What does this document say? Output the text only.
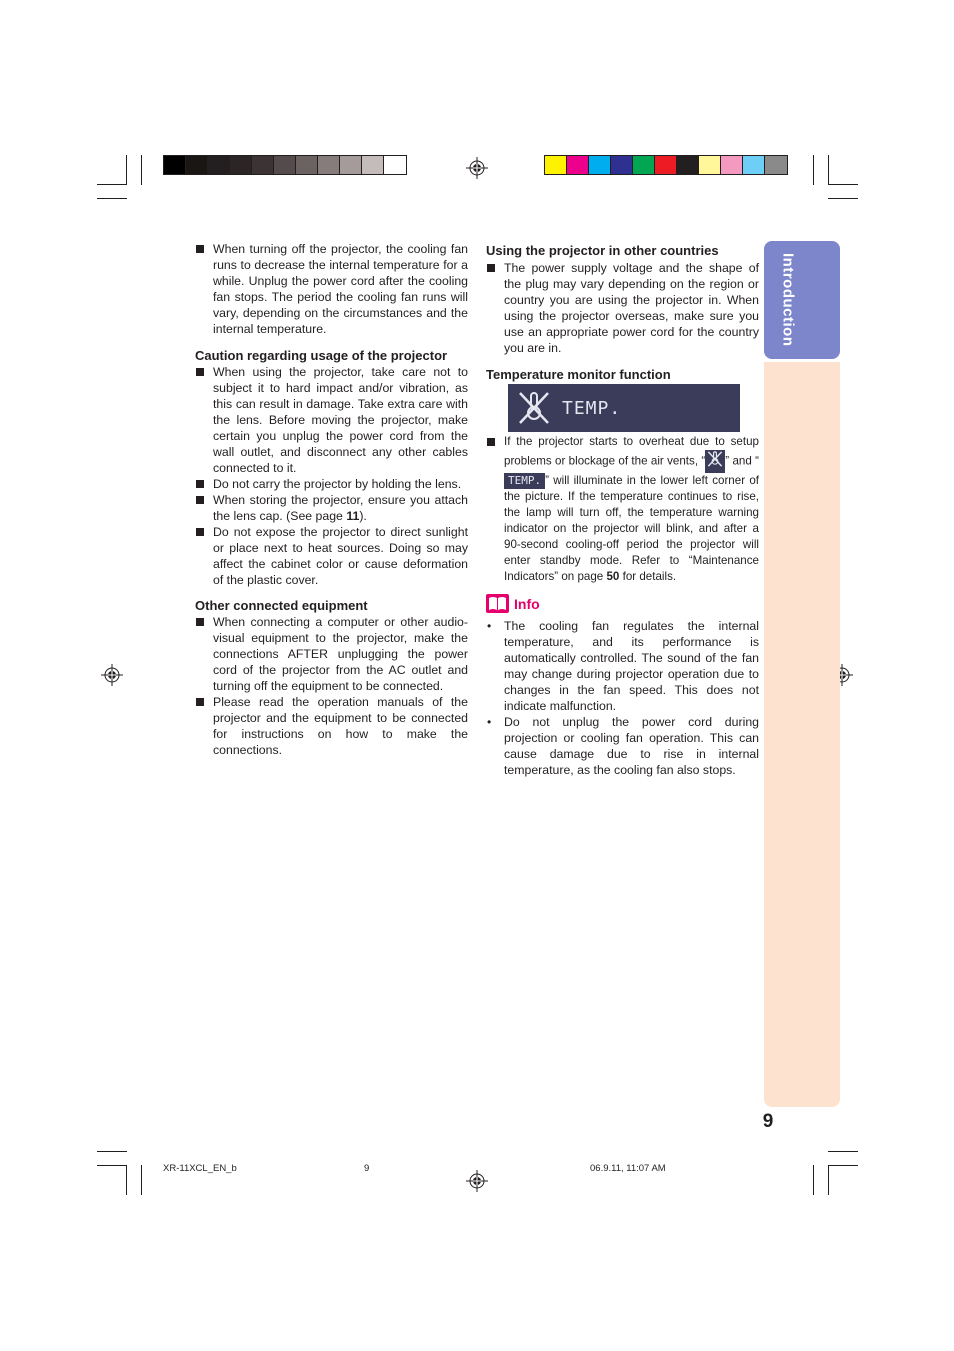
Introduction
9

When turning off the projector, the cooling fan runs to decrease the internal temperature for a while. Unplug the power cord after the cooling fan stops. The period the cooling fan runs will vary, depending on the circumstances and the internal temperature.

Caution regarding usage of the projector

When using the projector, take care not to subject it to hard impact and/or vibration, as this can result in damage. Take extra care with the lens. Before moving the projector, make certain you unplug the power cord from the wall outlet, and disconnect any other cables connected to it.

Do not carry the projector by holding the lens.

When storing the projector, ensure you attach the lens cap. (See page 11).

Do not expose the projector to direct sunlight or place next to heat sources. Doing so may affect the cabinet color or cause deformation of the plastic cover.

Other connected equipment

When connecting a computer or other audio-visual equipment to the projector, make the connections AFTER unplugging the power cord of the projector from the AC outlet and turning off the equipment to be connected.

Please read the operation manuals of the projector and the equipment to be connected for instructions on how to make the connections.

Using the projector in other countries

The power supply voltage and the shape of the plug may vary depending on the region or country you are using the projector in. When using the projector overseas, make sure you use an appropriate power cord for the country you are in.

Temperature monitor function
TEMP.

If the projector starts to overheat due to setup problems or blockage of the air vents, “ ” and “TEMP. ” will illuminate in the lower left corner of the picture. If the temperature continues to rise, the lamp will turn off, the temperature warning indicator on the projector will blink, and after a 90-second cooling-off period the projector will enter standby mode. Refer to “Maintenance Indicators” on page 50 for details.

Info

• The cooling fan regulates the internal temperature, and its performance is automatically controlled. The sound of the fan may change during projector operation due to changes in the fan speed. This does not indicate malfunction.

• Do not unplug the power cord during projection or cooling fan operation. This can cause damage due to rise in internal temperature, as the cooling fan also stops.

XR-11XCL_EN_b	9	06.9.11, 11:07 AM
